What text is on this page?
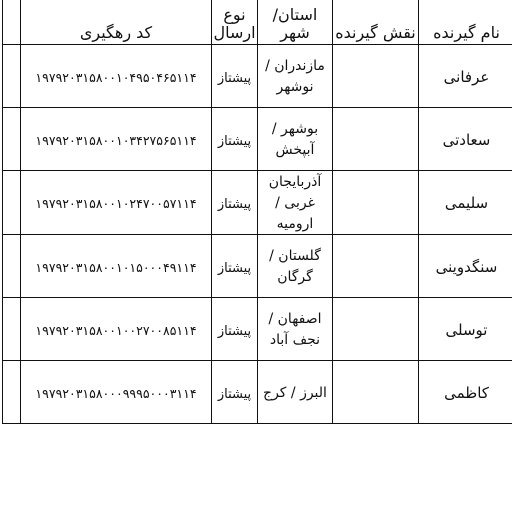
نام گیرنده	نقش گیرنده	استان/ شهر	نوع ارسال	کد رهگیری	
عرفانی		مازندران / نوشهر	پیشتاز	۱۹۷۹۲۰۳۱۵۸۰۰۱۰۴۹۵۰۴۶۵۱۱۴	
سعادتی		بوشهر / آبپخش	پیشتاز	۱۹۷۹۲۰۳۱۵۸۰۰۱۰۳۴۲۷۵۶۵۱۱۴	
سلیمی		آذربایجان غربی / ارومیه	پیشتاز	۱۹۷۹۲۰۳۱۵۸۰۰۱۰۲۴۷۰۰۵۷۱۱۴	
سنگدوینی		گلستان / گرگان	پیشتاز	۱۹۷۹۲۰۳۱۵۸۰۰۱۰۱۵۰۰۰۴۹۱۱۴	
توسلی		اصفهان / نجف آباد	پیشتاز	۱۹۷۹۲۰۳۱۵۸۰۰۱۰۰۲۷۰۰۸۵۱۱۴	
کاظمی		البرز / کرج	پیشتاز	۱۹۷۹۲۰۳۱۵۸۰۰۰۹۹۹۵۰۰۰۳۱۱۴	
